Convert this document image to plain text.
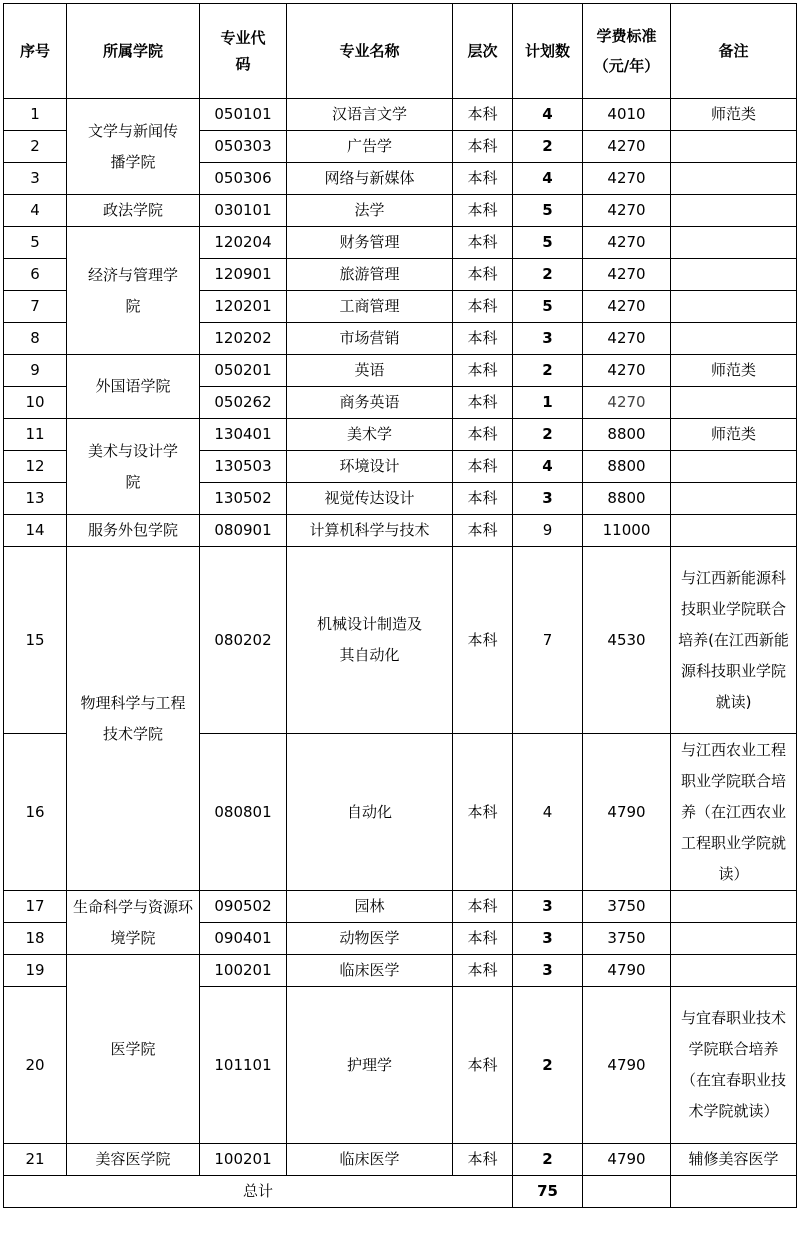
序号	所属学院	专业代码	专业名称	层次	计划数	学费标准（元/年）	备注
1	文学与新闻传播学院	050101	汉语言文学	本科	4	4010	师范类
2		050303	广告学	本科	2	4270	
3		050306	网络与新媒体	本科	4	4270	
4	政法学院	030101	法学	本科	5	4270	
5	经济与管理学院	120204	财务管理	本科	5	4270	
6		120901	旅游管理	本科	2	4270	
7		120201	工商管理	本科	5	4270	
8		120202	市场营销	本科	3	4270	
9	外国语学院	050201	英语	本科	2	4270	师范类
10		050262	商务英语	本科	1	4270	
11	美术与设计学院	130401	美术学	本科	2	8800	师范类
12		130503	环境设计	本科	4	8800	
13		130502	视觉传达设计	本科	3	8800	
14	服务外包学院	080901	计算机科学与技术	本科	9	11000	
15	物理科学与工程技术学院	080202	机械设计制造及其自动化	本科	7	4530	与江西新能源科技职业学院联合培养(在江西新能源科技职业学院就读)
16		080801	自动化	本科	4	4790	与江西农业工程职业学院联合培养（在江西农业工程职业学院就读）
17	生命科学与资源环境学院	090502	园林	本科	3	3750	
18		090401	动物医学	本科	3	3750	
19	医学院	100201	临床医学	本科	3	4790	
20		101101	护理学	本科	2	4790	与宜春职业技术学院联合培养（在宜春职业技术学院就读）
21	美容医学院	100201	临床医学	本科	2	4790	辅修美容医学
总计					75		
